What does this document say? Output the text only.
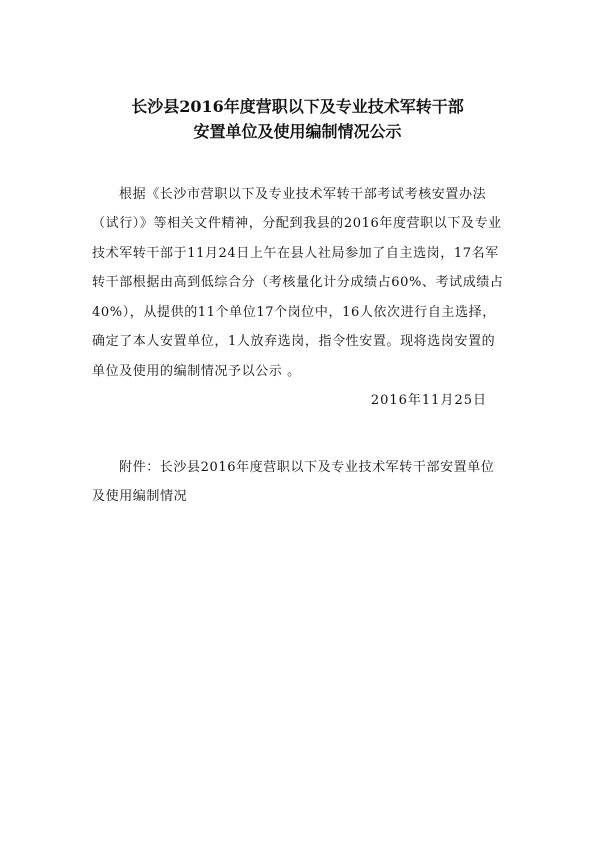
长沙县2016年度营职以下及专业技术军转干部
安置单位及使用编制情况公示
根据《长沙市营职以下及专业技术军转干部考试考核安置办法
（试行）》等相关文件精神，分配到我县的2016年度营职以下及专业
技术军转干部于11月24日上午在县人社局参加了自主选岗，17名军
转干部根据由高到低综合分（考核量化计分成绩占60%、考试成绩占
40%），从提供的11个单位17个岗位中，16人依次进行自主选择，
确定了本人安置单位，1人放弃选岗，指令性安置。现将选岗安置的
单位及使用的编制情况予以公示 。
2016年11月25日
附件：长沙县2016年度营职以下及专业技术军转干部安置单位
及使用编制情况
